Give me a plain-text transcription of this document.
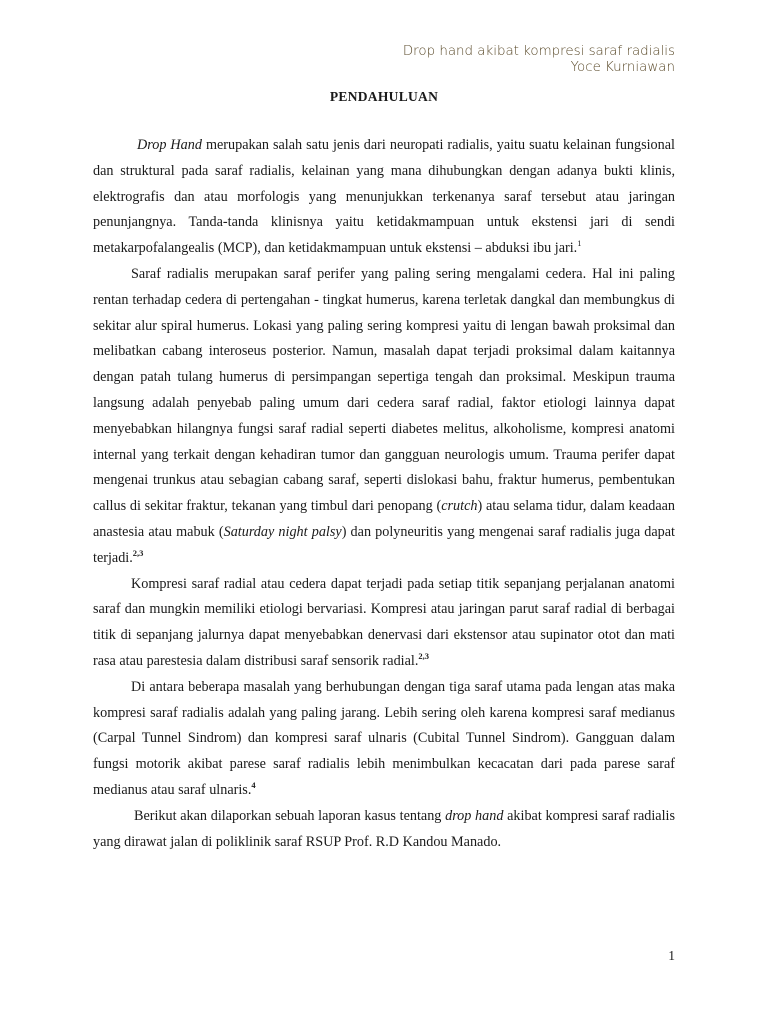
Drop hand akibat kompresi saraf radialis
Yoce Kurniawan
PENDAHULUAN

Drop Hand merupakan salah satu jenis dari neuropati radialis, yaitu suatu kelainan fungsional dan struktural pada saraf radialis, kelainan yang mana dihubungkan dengan adanya bukti klinis, elektrografis dan atau morfologis yang menunjukkan terkenanya saraf tersebut atau jaringan penunjangnya. Tanda-tanda klinisnya yaitu ketidakmampuan untuk ekstensi jari di sendi metakarpofalangealis (MCP), dan ketidakmampuan untuk ekstensi – abduksi ibu jari.$^1$

Saraf radialis merupakan saraf perifer yang paling sering mengalami cedera. Hal ini paling rentan terhadap cedera di pertengahan - tingkat humerus, karena terletak dangkal dan membungkus di sekitar alur spiral humerus. Lokasi yang paling sering kompresi yaitu di lengan bawah proksimal dan melibatkan cabang interoseus posterior. Namun, masalah dapat terjadi proksimal dalam kaitannya dengan patah tulang humerus di persimpangan sepertiga tengah dan proksimal. Meskipun trauma langsung adalah penyebab paling umum dari cedera saraf radial, faktor etiologi lainnya dapat menyebabkan hilangnya fungsi saraf radial seperti diabetes melitus, alkoholisme, kompresi anatomi internal yang terkait dengan kehadiran tumor dan gangguan neurologis umum. Trauma perifer dapat mengenai trunkus atau sebagian cabang saraf, seperti dislokasi bahu, fraktur humerus, pembentukan callus di sekitar fraktur, tekanan yang timbul dari penopang (crutch) atau selama tidur, dalam keadaan anastesia atau mabuk (Saturday night palsy) dan polyneuritis yang mengenai saraf radialis juga dapat terjadi.$^{2,3}$

Kompresi saraf radial atau cedera dapat terjadi pada setiap titik sepanjang perjalanan anatomi saraf dan mungkin memiliki etiologi bervariasi. Kompresi atau jaringan parut saraf radial di berbagai titik di sepanjang jalurnya dapat menyebabkan denervasi dari ekstensor atau supinator otot dan mati rasa atau parestesia dalam distribusi saraf sensorik radial.$^{2,3}$

Di antara beberapa masalah yang berhubungan dengan tiga saraf utama pada lengan atas maka kompresi saraf radialis adalah yang paling jarang. Lebih sering oleh karena kompresi saraf medianus (Carpal Tunnel Sindrom) dan kompresi saraf ulnaris (Cubital Tunnel Sindrom). Gangguan dalam fungsi motorik akibat parese saraf radialis lebih menimbulkan kecacatan dari pada parese saraf medianus atau saraf ulnaris.$^4$

Berikut akan dilaporkan sebuah laporan kasus tentang drop hand akibat kompresi saraf radialis yang dirawat jalan di poliklinik saraf RSUP Prof. R.D Kandou Manado.

1
